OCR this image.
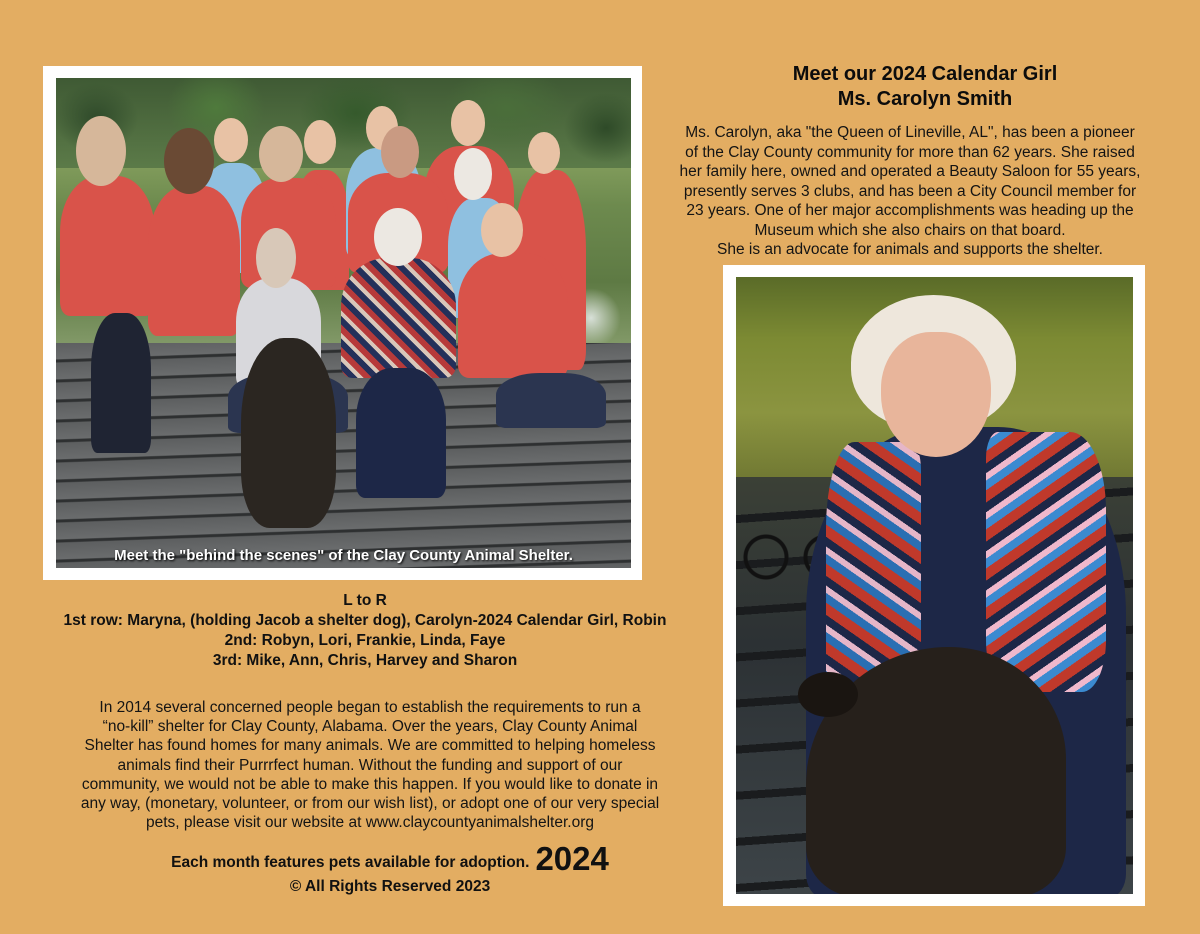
Meet the "behind the scenes" of the Clay County Animal Shelter.
Meet our 2024 Calendar Girl
Ms. Carolyn Smith

Ms. Carolyn, aka "the Queen of Lineville, AL", has been a pioneer

of the Clay County community for more than 62 years. She raised

her family here, owned and operated a Beauty Saloon for 55 years,

presently serves 3 clubs, and has been a City Council member for

23 years. One of her major accomplishments was heading up the

Museum which she also chairs on that board.

She is an advocate for animals and supports the shelter.

L to R
1st row: Maryna, (holding Jacob a shelter dog), Carolyn-2024 Calendar Girl, Robin
2nd: Robyn, Lori, Frankie, Linda, Faye
3rd: Mike, Ann, Chris, Harvey and Sharon

In 2014 several concerned people began to establish the requirements to run a

“no-kill” shelter for Clay County, Alabama. Over the years, Clay County Animal

Shelter has found homes for many animals. We are committed to helping homeless

animals find their Purrrfect human. Without the funding and support of our

community, we would not be able to make this happen. If you would like to donate in

any way, (monetary, volunteer, or from our wish list), or adopt one of our very special

pets, please visit our website at www.claycountyanimalshelter.org

Each month features pets available for adoption. 2024
© All Rights Reserved 2023
